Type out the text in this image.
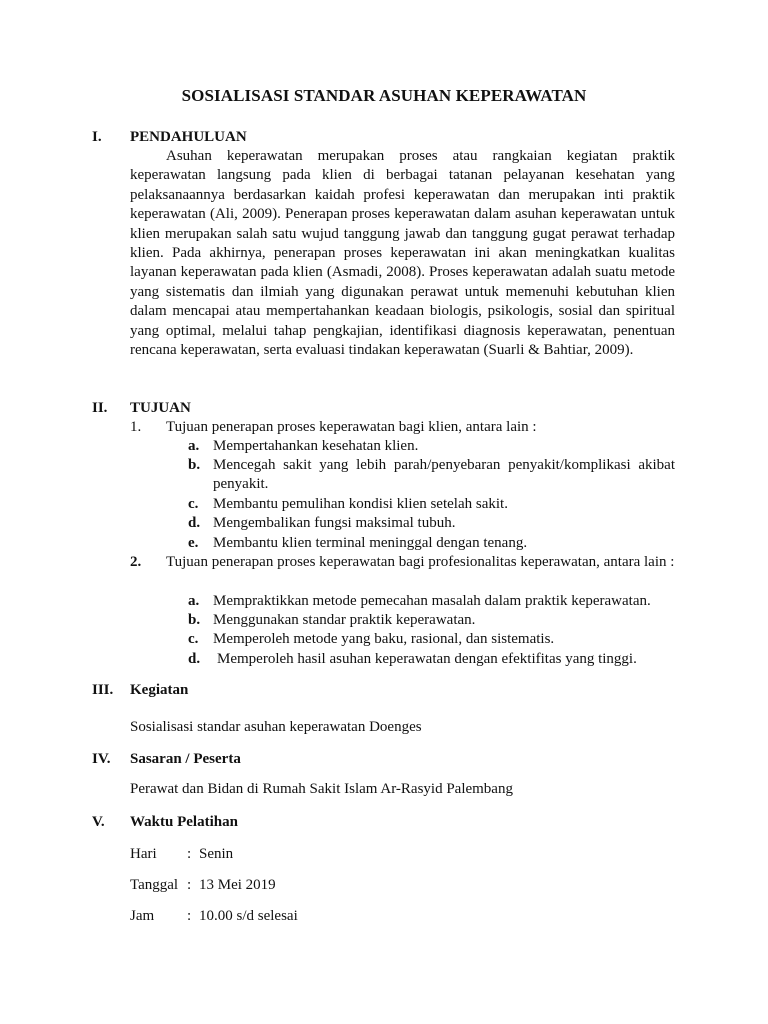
SOSIALISASI STANDAR ASUHAN KEPERAWATAN
I. PENDAHULUAN

Asuhan keperawatan merupakan proses atau rangkaian kegiatan praktik keperawatan langsung pada klien di berbagai tatanan pelayanan kesehatan yang pelaksanaannya berdasarkan kaidah profesi keperawatan dan merupakan inti praktik keperawatan (Ali, 2009). Penerapan proses keperawatan dalam asuhan keperawatan untuk klien merupakan salah satu wujud tanggung jawab dan tanggung gugat perawat terhadap klien. Pada akhirnya, penerapan proses keperawatan ini akan meningkatkan kualitas layanan keperawatan pada klien (Asmadi, 2008). Proses keperawatan adalah suatu metode yang sistematis dan ilmiah yang digunakan perawat untuk memenuhi kebutuhan klien dalam mencapai atau mempertahankan keadaan biologis, psikologis, sosial dan spiritual yang optimal, melalui tahap pengkajian, identifikasi diagnosis keperawatan, penentuan rencana keperawatan, serta evaluasi tindakan keperawatan (Suarli & Bahtiar, 2009).

II. TUJUAN
1. Tujuan penerapan proses keperawatan bagi klien, antara lain :
a. Mempertahankan kesehatan klien.
b. Mencegah sakit yang lebih parah/penyebaran penyakit/komplikasi akibat penyakit.
c. Membantu pemulihan kondisi klien setelah sakit.
d. Mengembalikan fungsi maksimal tubuh.
e. Membantu klien terminal meninggal dengan tenang.
2. Tujuan penerapan proses keperawatan bagi profesionalitas keperawatan, antara lain :
a. Mempraktikkan metode pemecahan masalah dalam praktik keperawatan.
b. Menggunakan standar praktik keperawatan.
c. Memperoleh metode yang baku, rasional, dan sistematis.
d. Memperoleh hasil asuhan keperawatan dengan efektifitas yang tinggi.
III. Kegiatan
Sosialisasi standar asuhan keperawatan Doenges
IV. Sasaran / Peserta
Perawat dan Bidan di Rumah Sakit Islam Ar-Rasyid Palembang
V. Waktu Pelatihan
Hari : Senin
Tanggal : 13 Mei 2019
Jam : 10.00 s/d selesai
